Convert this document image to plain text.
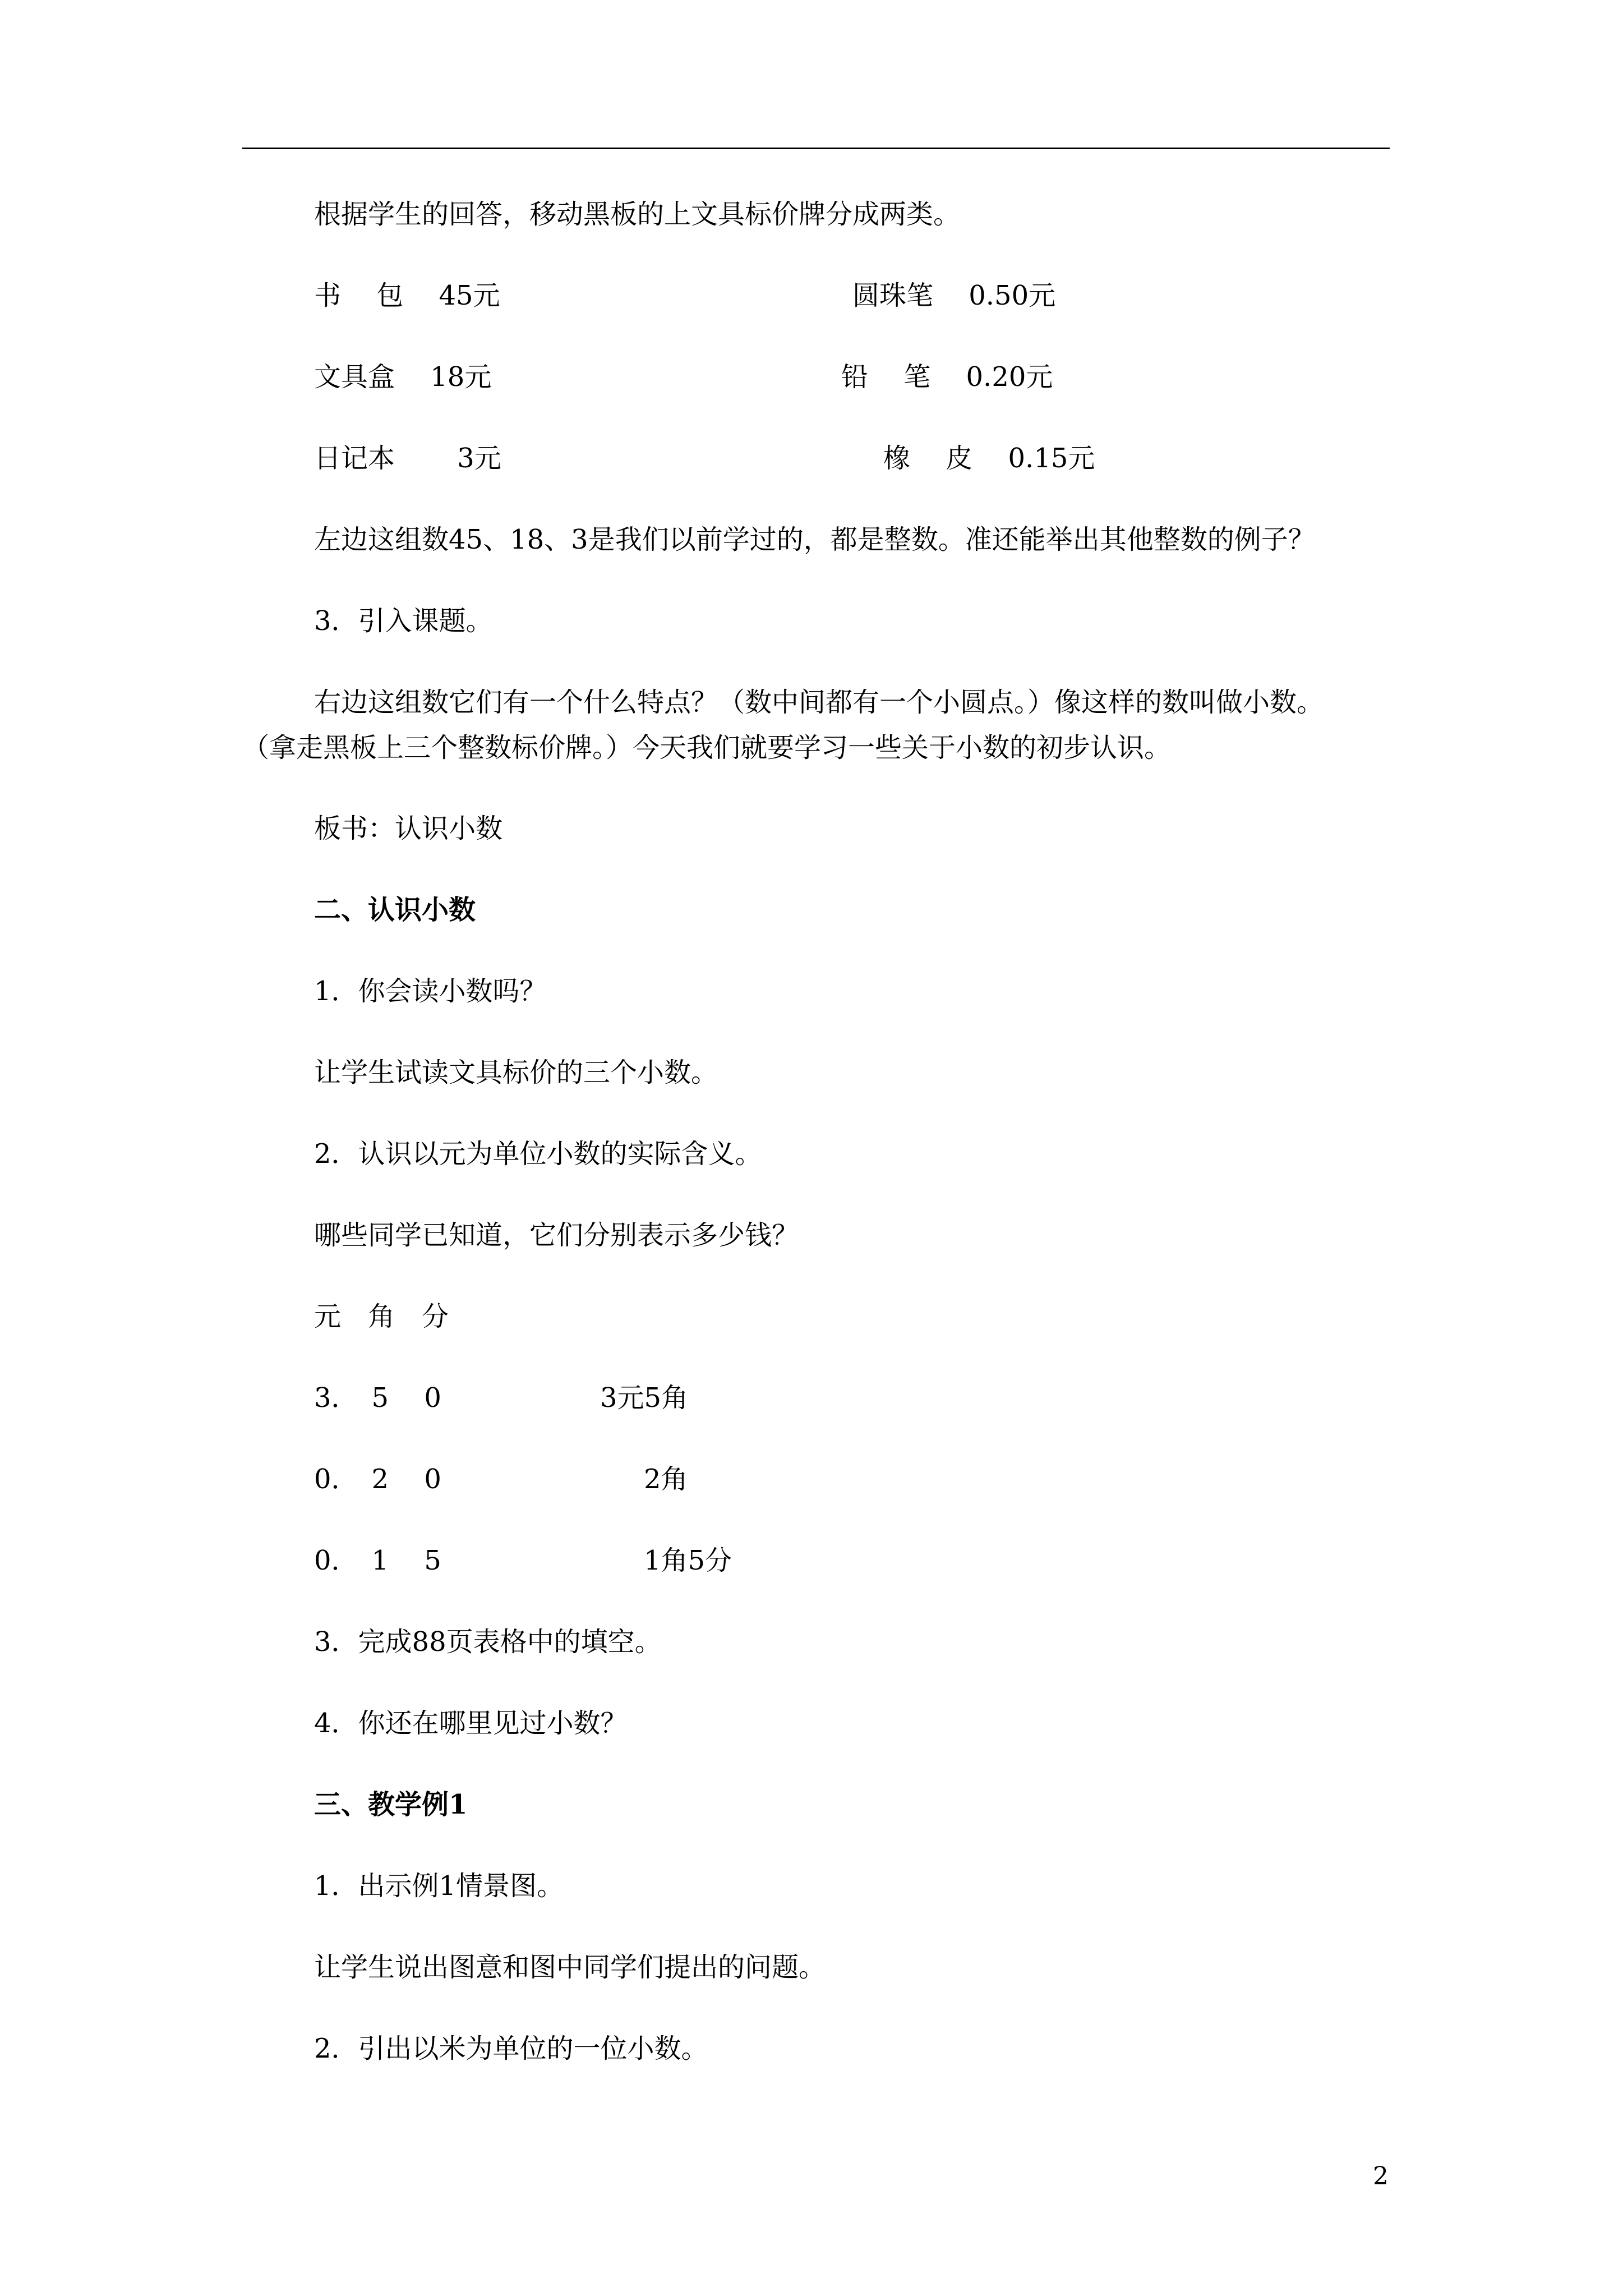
根据学生的回答，移动黑板的上文具标价牌分成两类。
书　 包　 45元	圆珠笔　 0.50元
文具盒　 18元	铅　 笔　 0.20元
日记本　　 3元	橡　 皮　 0.15元
左边这组数45、18、3是我们以前学过的，都是整数。准还能举出其他整数的例子？
3．引入课题。
右边这组数它们有一个什么特点？（数中间都有一个小圆点。）像这样的数叫做小数。
（拿走黑板上三个整数标价牌。）今天我们就要学习一些关于小数的初步认识。
板书：认识小数
二、认识小数
1．你会读小数吗？
让学生试读文具标价的三个小数。
2．认识以元为单位小数的实际含义。
哪些同学已知道，它们分别表示多少钱？
元　角　分
3．　5　 0	3元5角
0．　2　 0	2角
0．　1　 5	1角5分
3．完成88页表格中的填空。
4．你还在哪里见过小数？
三、教学例1
1．出示例1情景图。
让学生说出图意和图中同学们提出的问题。
2．引出以米为单位的一位小数。
2
